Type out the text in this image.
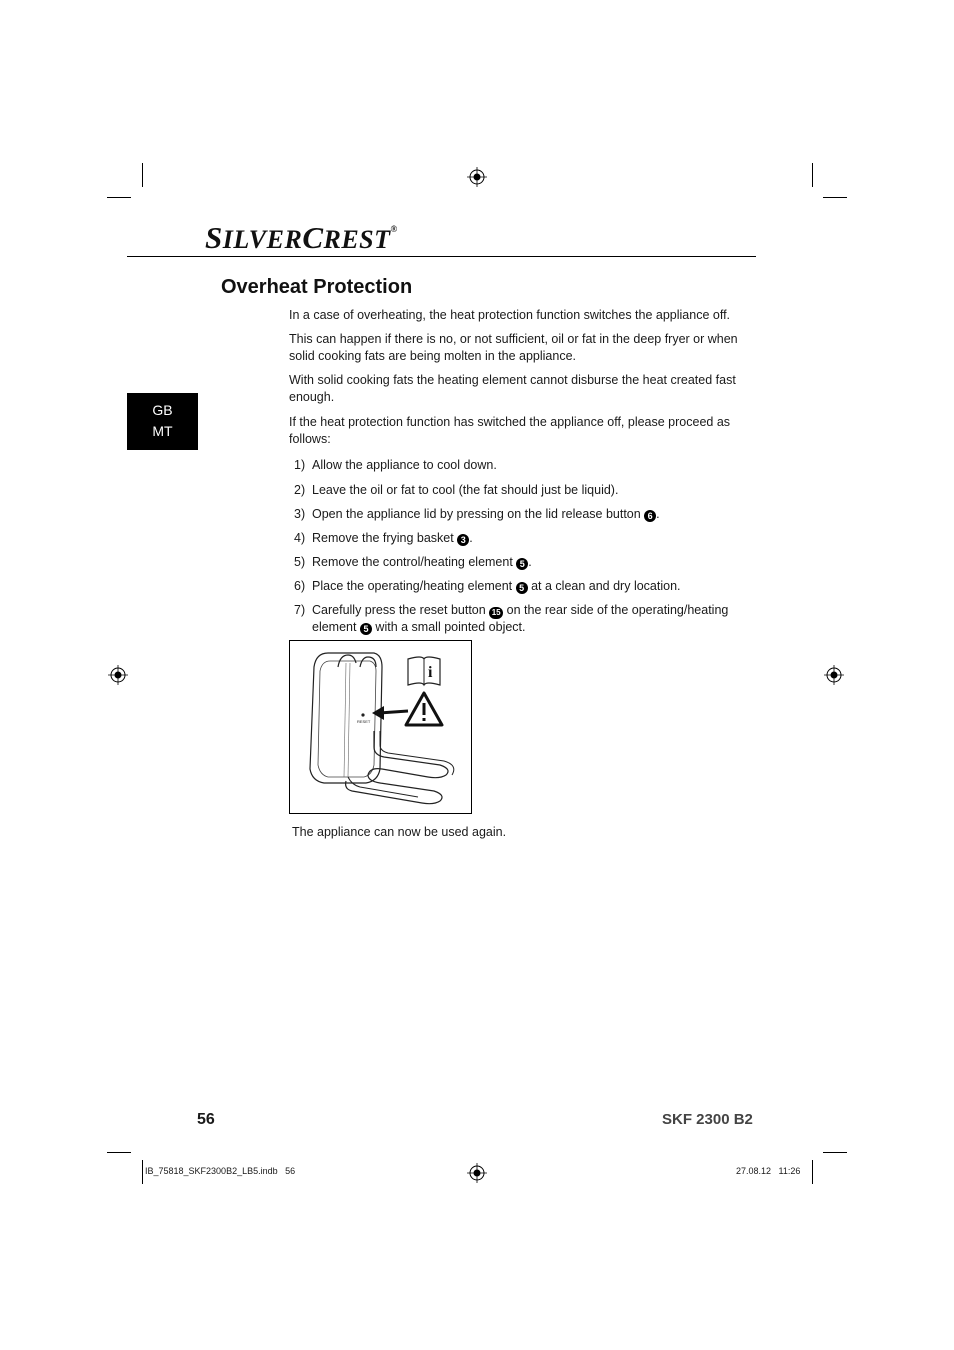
SILVERCREST®
Overheat Protection
GB
MT

In a case of overheating, the heat protection function switches the appliance off.

This can happen if there is no, or not sufficient, oil or fat in the deep fryer or when solid cooking fats are being molten in the appliance.

With solid cooking fats the heating element cannot disburse the heat created fast enough.

If the heat protection function has switched the appliance off, please proceed as follows:

1) Allow the appliance to cool down.
2) Leave the oil or fat to cool (the fat should just be liquid).
3) Open the appliance lid by pressing on the lid release button 6 .
4) Remove the frying basket 3 .
5) Remove the control/heating element 5 .
6) Place the operating/heating element 5 at a clean and dry location.
7) Carefully press the reset button 15 on the rear side of the operating/heating element 5 with a small pointed object.
RESET
i
The appliance can now be used again.
56	SKF 2300 B2
IB_75818_SKF2300B2_LB5.indb   56	27.08.12   11:26
